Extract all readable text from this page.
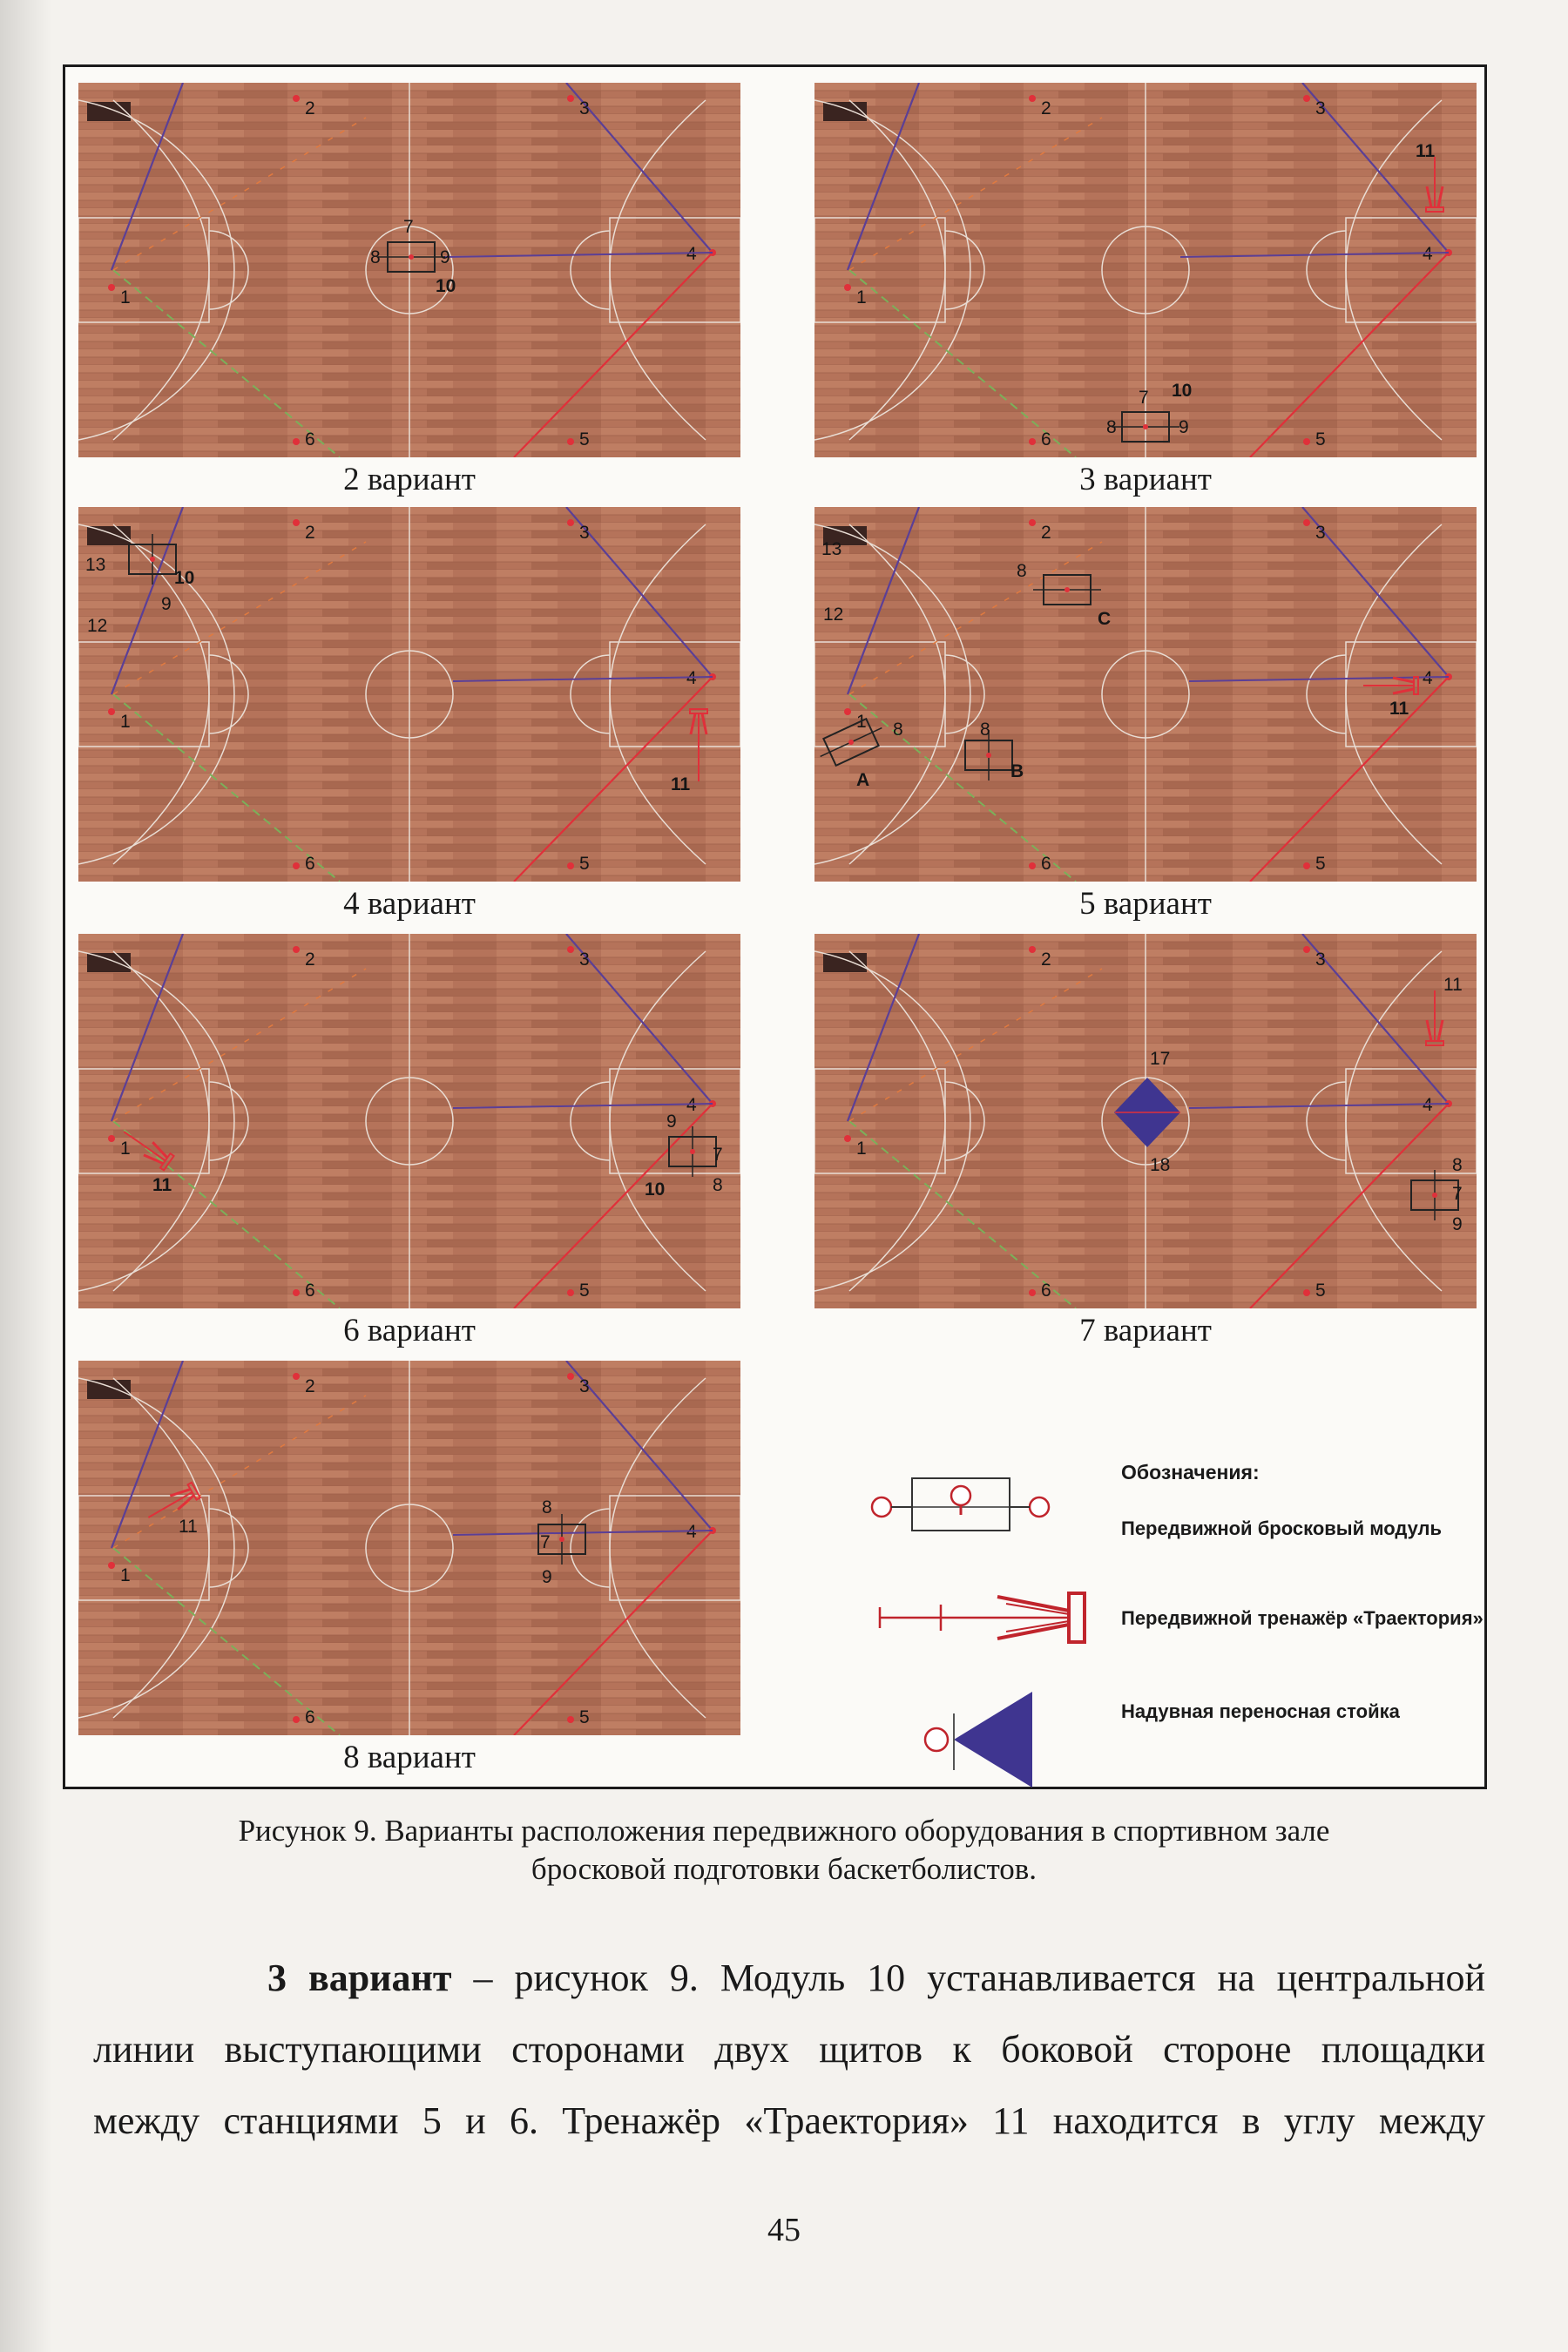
1
2	3
4
5
6
7
8	9
10
2 вариант
1
2	3
4
5
6
7
8	9
10
11
3 вариант
1
2	3
4
5
6
10
9
12
13
11
4 вариант
1
2	3
4
5
6
A	B
C
8	8
8
11
12
13
5 вариант
1
2	3
4
5
6
7
8
9
10
11
6 вариант
1
2	3
4
5
6
17
18
11
7
9
8
7 вариант
1
2	3
4
5
6
7
8
9
11
8 вариант
Обозначения:
Передвижной бросковый модуль
Передвижной тренажёр «Траектория»
Надувная переносная стойка
Рисунок 9. Варианты расположения передвижного оборудования в спортивном зале
бросковой подготовки баскетболистов.
3 вариант – рисунок 9. Модуль 10 устанавливается на центральной
линии выступающими сторонами двух щитов к боковой стороне площадки
между станциями 5 и 6. Тренажёр «Траектория» 11 находится в углу между
45
